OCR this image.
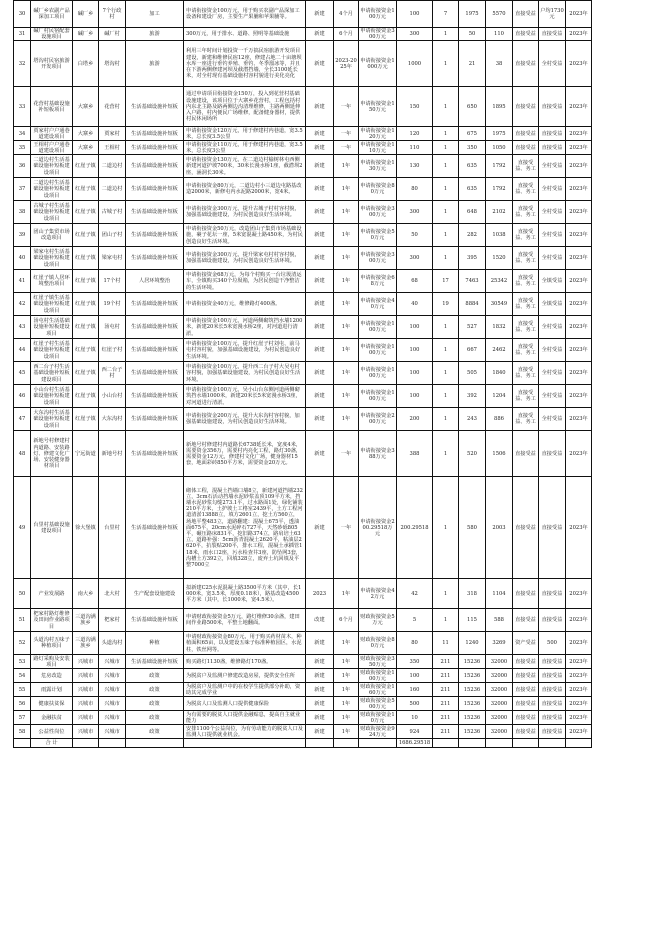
30	碱厂乡农副产品深加工项目	碱厂乡	7个行政村	加工	申请衔接资金100万元，用于购买农副产品深加工设备和建设厂房，主要生产果脯和苹果脯等。	新建	4个月	申请衔接资金100万元	100	7	1975	5570	直接受益	户均1730元	2023年
31	碱厂村民宿配套设施项目	碱厂乡	碱厂村	旅游	300万元，用于排水、道路、照明等基础设施	新建	6个月	申请衔接资金300万元	300	1	50	110	直接受益	直接受益	2023年
32	塔沟村民宿旅游开发项目	白塔乡	塔沟村	旅游	利用三年时间计划投资一千万搞民宿旅游开发项目建设，新建和维修民宿12座，修建占地二十亩塘坝水库一座进行垂钓养殖、垂钓、冬季溜冰等，并且在下游两侧修建河坝及截潜挡墙，全长3100延长米，对全村现有基础设施村容村貌进行美化亮化	新建	2023-2025年	申请衔接资金1000万元	1000	1	21	38	直接受益	全村受益	2023年
33	花营村基础设施补短板项目	大寨乡	花营村	生活基础设施补短板	通过申请项目衔接资金150万，投入到花营村基础设施建设，该项目位于大寨乡花营村，工程包括村内东北主路及路两侧边沟清理维修，主路两侧延伸入户路，村内便民广场维修，配备健身器材，提供村民休闲场所	新建	一年	申请衔接资金150万元	150	1	650	1895	直接受益	直接受益	2023年
34	贾家村户户通巷道建设项目	大寨乡	贾家村	生活基础设施补短板	申请衔接资金120万元，用于修建村内巷道，宽3.5米，总长度3.5公里	新建	一年	申请衔接资金120万元	120	1	675	1975	直接受益	直接受益	2023年
35	王相村户户通巷道建设项目	大寨乡	王相村	生活基础设施补短板	申请衔接资金110万元，用于修建村内巷道，宽3.5米，总长度3公里	新建	一年	申请衔接资金110万元	110	1	350	1050	直接受益	直接受益	2023年
36	二道边村生活基础设施补短板建设项目	红崖子镇	二道边村	生活基础设施补短板	申请衔接资金130万元，在二道边村榆树林屯西侧新建河道护坡700米，30米长漫水桥1座，截潜坝2座，涵洞长30米。	新建	1年	申请衔接资金130万元	130	1	635	1792	直接受益、务工	全村受益	2023年
37	二道边村生活基础设施补短板建设项目	红崖子镇	二道边村	生活基础设施补短板	申请衔接资金80万元，二道边村小三道边屯路基改造2000米，新修屯内水泥路2000米，宽4米。	新建	1年	申请衔接资金80万元	80	1	635	1792	直接受益、务工	全村受益	2023年
38	古城子村生活基础设施补短板建设项目	红崖子镇	古城子村	生活基础设施补短板	申请衔接资金300万元，提升古城子村村容村貌，加强基础设施建设，为村民创造良好生活环境。	新建	1年	申请衔接资金300万元	300	1	648	2102	直接受益、务工	全村受益	2023年
39	团山子集贸市场改造项目	红崖子镇	团山子村	生活基础设施补短板	申请衔接资金50万元，改造团山子集贸市场基础设施，裹子花坛一座，5米宽混凝土路450米，为村民创造良好生活环境。	新建	1年	申请衔接资金50万元	50	1	282	1038	直接受益、务工	全村受益	2023年
40	梁家屯村生活基础设施补短板建设项目	红崖子镇	梁家屯村	生活基础设施补短板	申请衔接资金300万元，提升梁家屯村村容村貌，加强基础设施建设，为村民创造良好生活环境。	新建	1年	申请衔接资金300万元	300	1	395	1520	直接受益、务工	全村受益	2023年
41	红崖子镇人居环境整治项目	红崖子镇	17个村	人居环境整治	申请衔接资金68万元，为每个村购买一台垃圾清运车，全镇购买340个垃圾箱，为居民创造干净整洁的生活环境。	新建	1年	申请衔接资金68万元	68	17	7463	25342	直接受益、务工	全镇受益	2023年
42	红崖子镇生活基础设施补短板建设项目	红崖子镇	19个村	生活基础设施补短板	申请衔接资金40万元，维修路灯400盏。	新建	1年	申请衔接资金40万元	40	19	8884	30549	直接受益、务工	全镇受益	2023年
43	汤屯村生活基础设施补短板建设项目	红崖子镇	汤屯村	生活基础设施补短板	申请衔接资金100万元，河道两侧砌筑挡水墙1200米，新建20米长5米宽漫水桥2座，对河道进行清淤。	新建	1年	申请衔接资金100万元	100	1	527	1832	直接受益、务工	全村受益	2023年
44	红崖子村生活基础设施补短板建设项目	红崖子镇	红崖子村	生活基础设施补短板	申请衔接资金100万元，提升红崖子村刘屯、前马屯村容村貌，加强基础设施建设，为村民创造良好生活环境。	新建	1年	申请衔接资金100万元	100	1	667	2462	直接受益、务工	全村受益	2023年
45	西二台子村生活基础设施补短板建设项目	红崖子镇	西二台子村	生活基础设施补短板	申请衔接资金100万元，提升西二台子村大吴屯村容村貌，加强基础设施建设，为村民创造良好生活环境。	新建	1年	申请衔接资金100万元	100	1	505	1840	直接受益、务工	全村受益	2023年
46	小山台村生活基础设施补短板建设项目	红崖子镇	小山台村	生活基础设施补短板	申请衔接资金100万元，吴小山台东侧河道两侧砌筑挡水墙1000米，新建20米长5米宽漫水桥3座，对河道进行清淤。	新建	1年	申请衔接资金100万元	100	1	392	1204	直接受益、务工	全村受益	2023年
47	大东沟村生活基础设施补短板建设项目	红崖子镇	大东沟村	生活基础设施补短板	申请衔接资金200万元，提升大东沟村容村貌，加强基础设施建设，为村民创造良好生活环境。	新建	1年	申请衔接资金200万元	200	1	243	886	直接受益、务工	全村受益	2023年
48	新地号村修建村内道路、安装路灯、修建文化广场、安装健身器材项目	宁远街道	新地号村	生活基础设施补短板	新地号村修建村内道路长6738延长米，宽度4米，需要资金356万，需要村内亮化工程，路灯30盏，需要资金12万元，修建村文化广场，健身器材15套，地面彩砖850平方米，需要资金20万元。	新建	一年	申请衔接资金388万元	388	1	520	1506	直接受益	直接受益	2023年
49	台里村基础设施建设项目	徐大堡镇	台里村	生活基础设施补短板	砌体工程，混凝土挡墙口墙8立，新建河道挡墙232立，3cm石活动挡墙水泥砂浆盖顶109平方米，挡墙水泥砂浆勾缝273.1平，过水路面1处，绿化铺装210平方米，土护坡土工格室2439平，土方工程河道清淤13888立，填方2601立，挖土方560立，场地平整483立，道路翻建：混凝土675平，透油面675平，20cm水泥碎石727平，天然砂砾805平，碾压路床831平，挖旧路374立，路肩培土63立，道路补强：5cm沥青混凝土2620平，粘油层2620平，抗裂贴200平，排水工程，混凝土承插管118米，雨水口2座，污水检查井3座，防坠网3套，沟槽土方392立，回填328立，废弃土坑回填及平整7000立	新建	一年	申请衔接资金200.29518万元	200.29518	1	580	2003	直接受益	直接受益	2023年
50	产业发展路	南大乡	北大村	生产配套设施建设	拟新建C25水泥混凝土路3500平方米（其中，长1000米，宽3.5米，厚度0.18米），路基改造4500平方米（其中，长1000米，宽4.5米）。	2023	1年	申请衔接资金42万元	42	1	318	1104	直接受益	直接受益	2023年
51	杷家村路灯维修及田间作业路项目	三道沟满族乡	杷家村	生活基础设施补短板	申请财政衔接资金5万元，路灯维修30余盏，建田间作业路500米，平整土地翻面。	改建	6个月	财政衔接资金5万元	5	1	115	588	直接受益	直接受益	2023年
52	头道沟村五味子种植项目	三道沟满族乡	头道沟村	种植	申请财政衔接资金80万元，用于购买药材苗木，种植面积65亩，以及建设五味子标准种植园区，水泥柱，铁丝网等。	新建	1年	财政衔接资金80万元	80	11	1240	3269	资产受益	500	2023年
53	路灯采购及安装项目	兴城市	兴城市	生活基础设施补短板	购买路灯1130盏，维修路灯170盏。	新建	1年	财政衔接资金350万元	350	211	15236	32000	直接受益	直接受益	2023年
54	危房改造	兴城市	兴城市	政策	为脱贫户及监测户修建改造房屋，提供安全住所	新建	1年	财政衔接资金100万元	100	211	15236	32000	直接受益	直接受益	2023年
55	雨露计划	兴城市	兴城市	政策	为脱贫户及监测户中的在校学生提供部分补助，资助其完成学业	新建	1年	财政衔接资金160万元	160	211	15236	32000	直接受益	直接受益	2023年
56	健康扶贫保	兴城市	兴城市	政策	为脱贫人口及监测人口提供健康保险	新建	1年	财政衔接资金500万元	500	211	15236	32000	直接受益	直接受益	2023年
57	金融扶贫	兴城市	兴城市	政策	为有需要的脱贫人口提供金融贴息，提高自主就业能力	新建	1年	财政衔接资金10万元	10	211	15236	32000	直接受益	直接受益	2023年
58	公益性岗位	兴城市	兴城市	政策	安排1100个公益岗位，为有劳动能力的脱贫人口及监测人口提供就业机会。	新建	1年	财政衔接资金924万元	924	211	15236	32000	直接受益	直接受益	2023年
	合 计								1686.29518						
